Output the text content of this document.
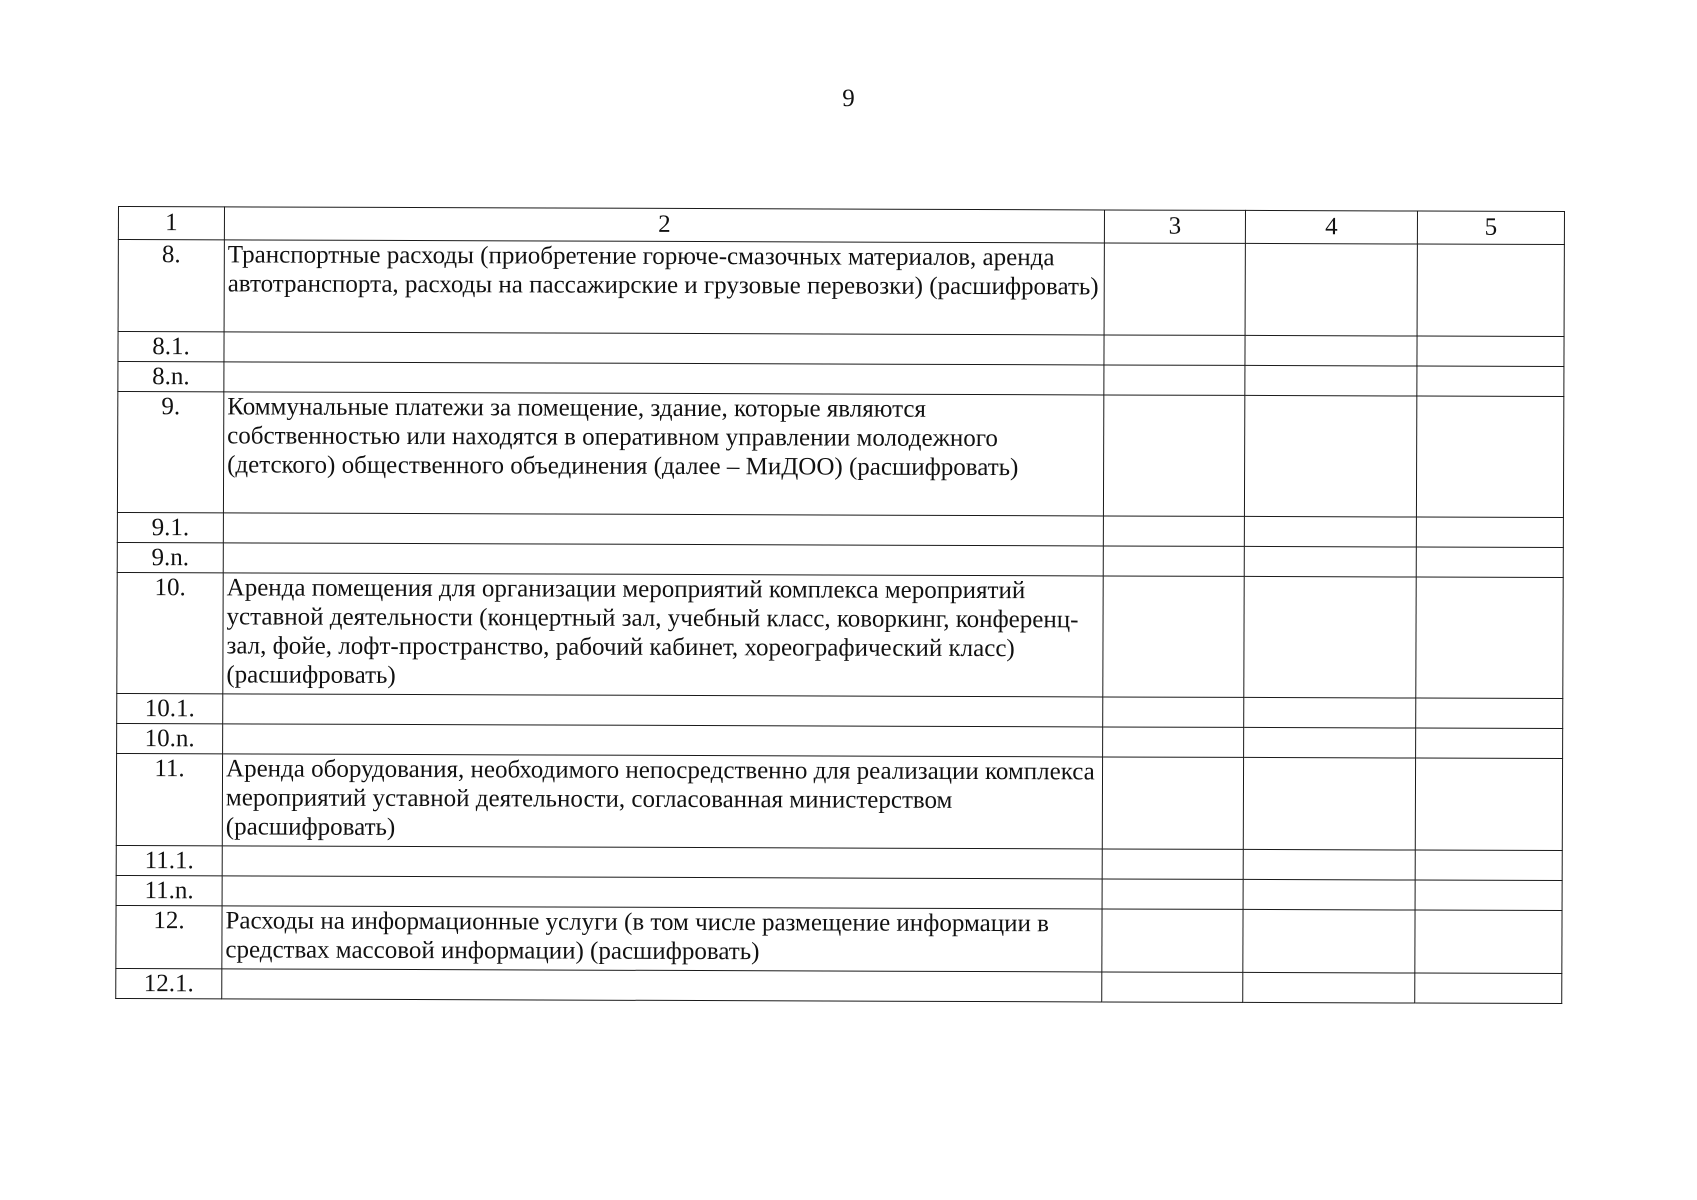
9
1	2	3	4	5
8.	Транспортные расходы (приобретение горюче-смазочных материалов, аренда автотранспорта, расходы на пассажирские и грузовые перевозки) (расшифровать)			
8.1.				
8.n.				
9.	Коммунальные платежи за помещение, здание, которые являются собственностью или находятся в оперативном управлении молодежного (детского) общественного объединения (далее – МиДОО) (расшифровать)			
9.1.				
9.n.				
10.	Аренда помещения для организации мероприятий комплекса мероприятий уставной деятельности (концертный зал, учебный класс, коворкинг, конференц-зал, фойе, лофт-пространство, рабочий кабинет, хореографический класс) (расшифровать)			
10.1.				
10.n.				
11.	Аренда оборудования, необходимого непосредственно для реализации комплекса мероприятий уставной деятельности, согласованная министерством (расшифровать)			
11.1.				
11.n.				
12.	Расходы на информационные услуги (в том числе размещение информации в средствах массовой информации) (расшифровать)			
12.1.				
